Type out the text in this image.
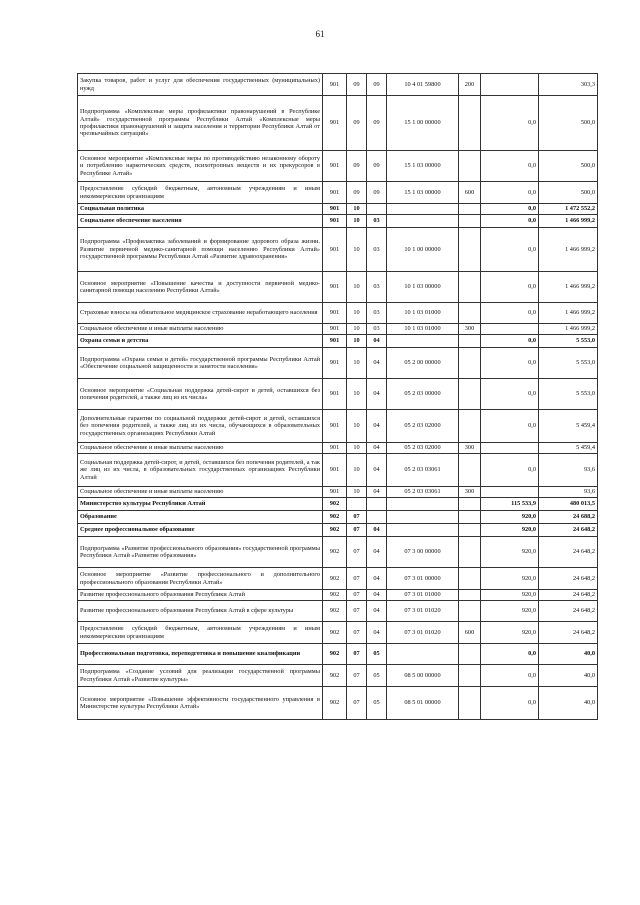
61
Закупка товаров, работ и услуг для обеспечения государственных (муниципальных) нужд	901	09	09	10 4 01 59800	200		303,3
Подпрограмма «Комплексные меры профилактики правонарушений в Республике Алтай» государственной программы Республики Алтай «Комплексные меры профилактики правонарушений и защита населения и территории Республики Алтай от чрезвычайных ситуаций»	901	09	09	15 1 00 00000		0,0	500,0
Основное мероприятие «Комплексные меры по противодействию незаконному обороту и потреблению наркотических средств, психотропных веществ и их прекурсоров в Республике Алтай»	901	09	09	15 1 03 00000		0,0	500,0
Предоставление субсидий бюджетным, автономным учреждениям и иным некоммерческим организациям	901	09	09	15 1 03 00000	600	0,0	500,0
Социальная политика	901	10				0,0	1 472 552,2
Социальное обеспечение населения	901	10	03			0,0	1 466 999,2
Подпрограмма «Профилактика заболеваний и формирование здорового образа жизни. Развитие первичной медико-санитарной помощи населению Республики Алтай» государственной программы Республики Алтай «Развитие здравоохранения»	901	10	03	10 1 00 00000		0,0	1 466 999,2
Основное мероприятие «Повышение качества и доступности первичной медико-санитарной помощи населению Республики Алтай»	901	10	03	10 1 03 00000		0,0	1 466 999,2
Страховые взносы на обязательное медицинское страхование неработающего населения	901	10	03	10 1 03 01000		0,0	1 466 999,2
Социальное обеспечение и иные выплаты населению	901	10	03	10 1 03 01000	300		1 466 999,2
Охрана семьи и детства	901	10	04			0,0	5 553,0
Подпрограмма «Охрана семьи и детей» государственной программы Республики Алтай «Обеспечение социальной защищенности и занятости населения»	901	10	04	05 2 00 00000		0,0	5 553,0
Основное мероприятие «Социальная поддержка детей-сирот и детей, оставшихся без попечения родителей, а также лиц из их числа»	901	10	04	05 2 03 00000		0,0	5 553,0
Дополнительные гарантии по социальной поддержке детей-сирот и детей, оставшихся без попечения родителей, а также лиц из их числа, обучающихся в образовательных государственных организациях Республики Алтай	901	10	04	05 2 03 02000		0,0	5 459,4
Социальное обеспечение и иные выплаты населению	901	10	04	05 2 03 02000	300		5 459,4
Социальная поддержка детей-сирот, и детей, оставшихся без попечения родителей, а так же лиц из их числа, в образовательных государственных организациях Республики Алтай	901	10	04	05 2 03 03061		0,0	93,6
Социальное обеспечение и иные выплаты населению	901	10	04	05 2 03 03061	300		93,6
Министерство культуры Республики Алтай	902					115 533,9	480 013,5
Образование	902	07				920,0	24 688,2
Среднее профессиональное образование	902	07	04			920,0	24 648,2
Подпрограмма «Развитие профессионального образования» государственной программы Республики Алтай «Развитие образования»	902	07	04	07 3 00 00000		920,0	24 648,2
Основное мероприятие «Развитие профессионального и дополнительного профессионального образования Республики Алтай»	902	07	04	07 3 01 00000		920,0	24 648,2
Развитие профессионального образования Республики Алтай	902	07	04	07 3 01 01000		920,0	24 648,2
Развитие профессионального образования Республики Алтай в сфере культуры	902	07	04	07 3 01 01020		920,0	24 648,2
Предоставление субсидий бюджетным, автономным учреждениям и иным некоммерческим организациям	902	07	04	07 3 01 01020	600	920,0	24 648,2
Профессиональная подготовка, переподготовка и повышение квалификации	902	07	05			0,0	40,0
Подпрограмма «Создание условий для реализации государственной программы Республики Алтай «Развитие культуры»	902	07	05	08 5 00 00000		0,0	40,0
Основное мероприятие «Повышение эффективности государственного управления в Министерстве культуры Республики Алтай»	902	07	05	08 5 01 00000		0,0	40,0
